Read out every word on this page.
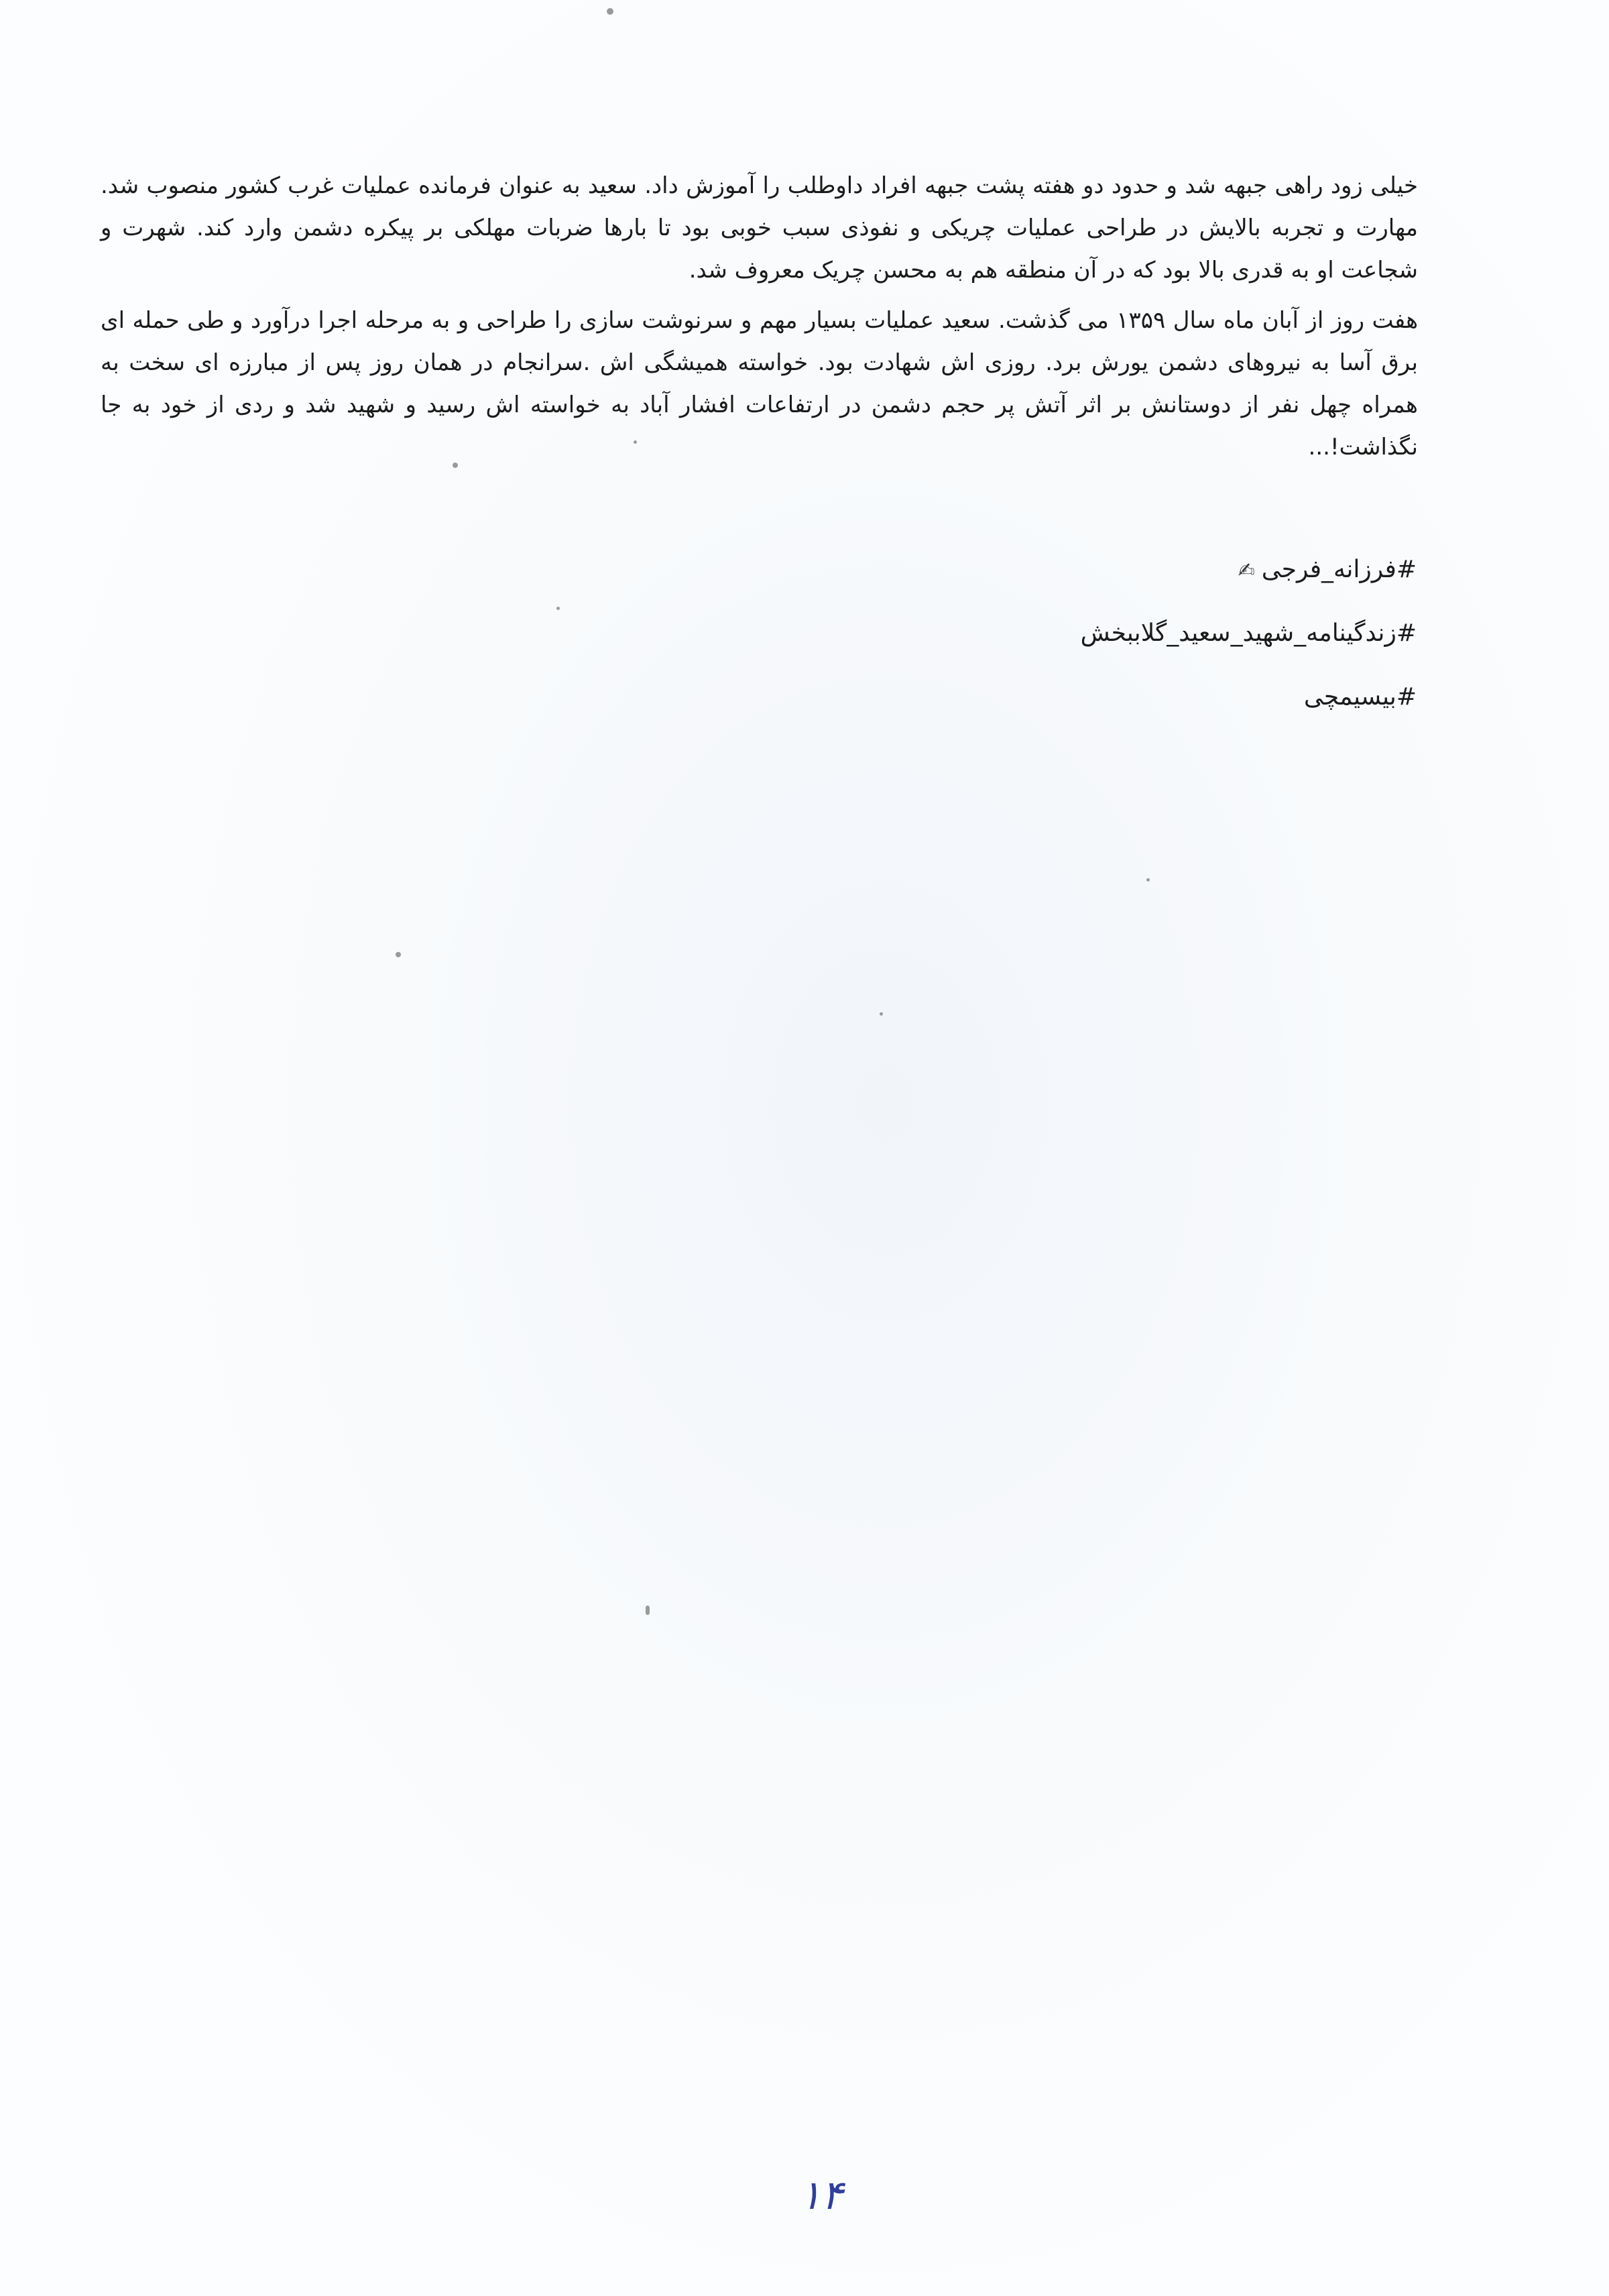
خیلی زود راهی جبهه شد و حدود دو هفته پشت جبهه افراد داوطلب را آموزش داد. سعید به عنوان فرمانده عملیات غرب کشور منصوب شد. مهارت و تجربه بالایش در طراحی عملیات چریکی و نفوذی سبب خوبی بود تا بارها ضربات مهلکی بر پیکره دشمن وارد کند. شهرت و شجاعت او به قدری بالا بود که در آن منطقه هم به محسن چریک معروف شد.

هفت روز از آبان ماه سال ۱۳۵۹ می گذشت. سعید عملیات بسیار مهم و سرنوشت سازی را طراحی و به مرحله اجرا درآورد و طی حمله ای برق آسا به نیروهای دشمن یورش برد. روزی اش شهادت بود. خواسته همیشگی اش .سرانجام در همان روز پس از مبارزه ای سخت به همراه چهل نفر از دوستانش بر اثر آتش پر حجم دشمن در ارتفاعات افشار آباد به خواسته اش رسید و شهید شد و ردی از خود به جا نگذاشت!...

#فرزانه_فرجی✍
#زندگینامه_شهید_سعید_گلاببخش
#بیسیمچی
۱۴
